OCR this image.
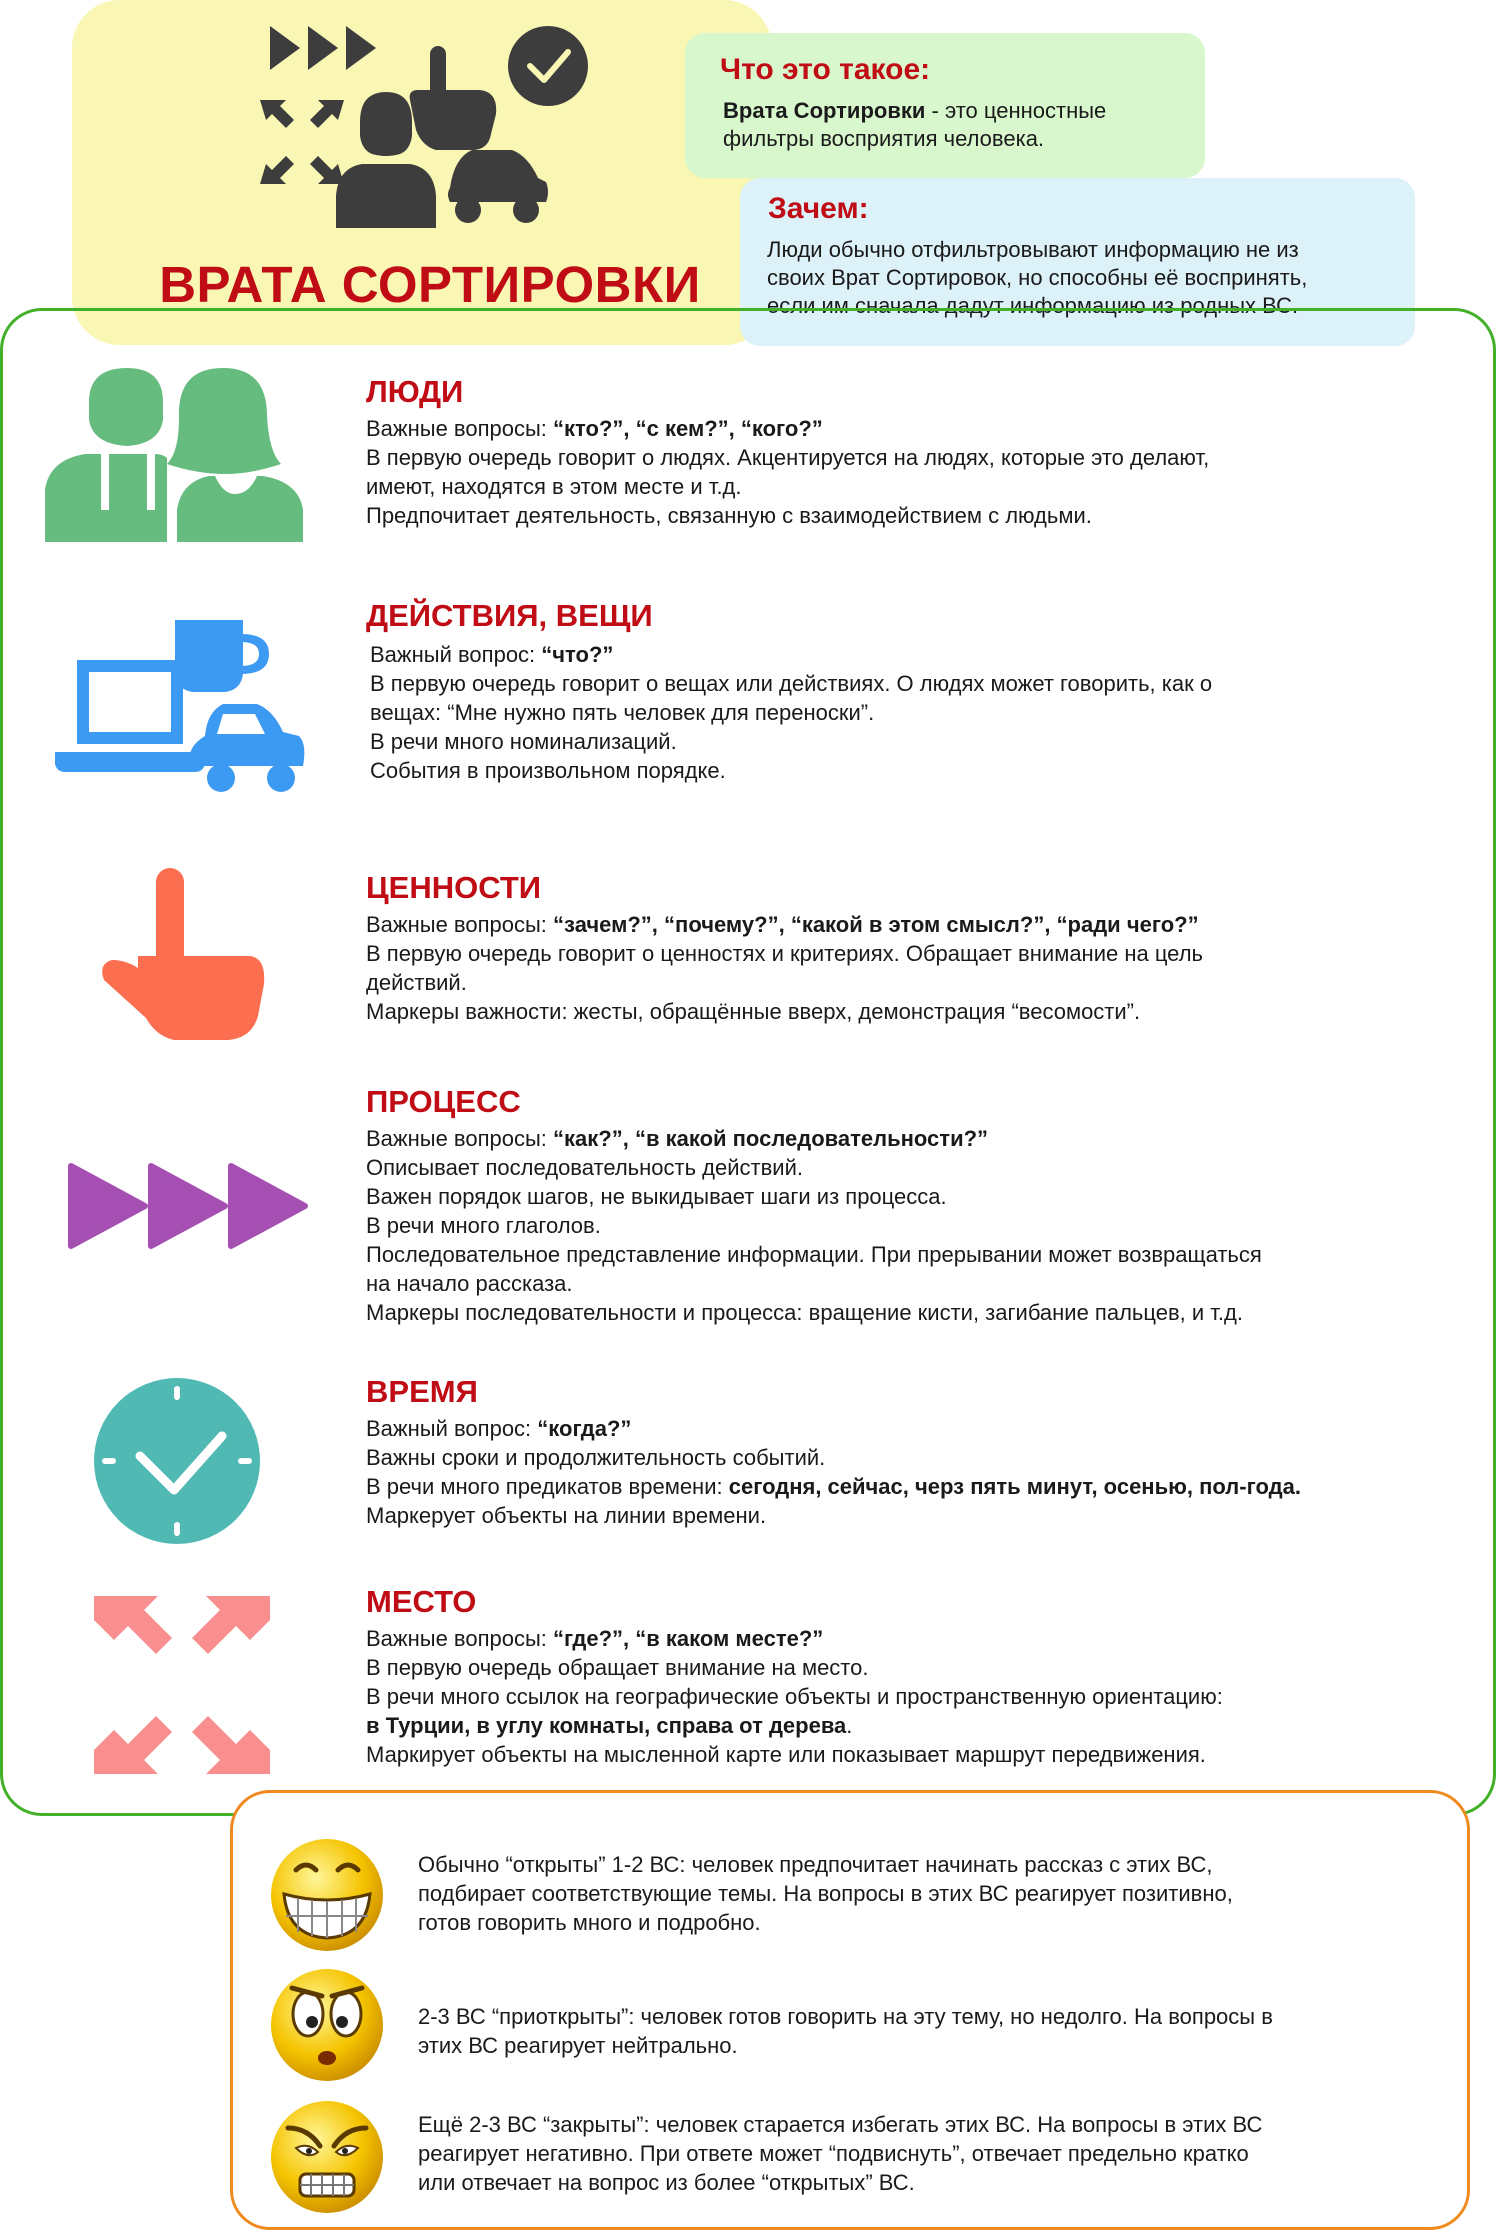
ВРАТА СОРТИРОВКИ
Что это такое:
Врата Сортировки - это ценностные
фильтры восприятия человека.
Зачем:
Люди обычно отфильтровывают информацию не из
своих Врат Сортировок, но способны её воспринять,
если им сначала дадут информацию из родных ВС.
ЛЮДИ
Важные вопросы: “кто?”, “с кем?”, “кого?”
В первую очередь говорит о людях. Акцентируется на людях, которые это делают,
имеют, находятся в этом месте и т.д.
Предпочитает деятельность, связанную с взаимодействием с людьми.
ДЕЙСТВИЯ, ВЕЩИ
Важный вопрос: “что?”
В первую очередь говорит о вещах или действиях. О людях может говорить, как о
вещах: “Мне нужно пять человек для переноски”.
В речи много номинализаций.
События в произвольном порядке.
ЦЕННОСТИ
Важные вопросы: “зачем?”, “почему?”, “какой в этом смысл?”, “ради чего?”
В первую очередь говорит о ценностях и критериях. Обращает внимание на цель
действий.
Маркеры важности: жесты, обращённые вверх, демонстрация “весомости”.
ПРОЦЕСС
Важные вопросы: “как?”, “в какой последовательности?”
Описывает последовательность действий.
Важен порядок шагов, не выкидывает шаги из процесса.
В речи много глаголов.
Последовательное представление информации. При прерывании может возвращаться
на начало рассказа.
Маркеры последовательности и процесса: вращение кисти, загибание пальцев, и т.д.
ВРЕМЯ
Важный вопрос: “когда?”
Важны сроки и продолжительность событий.
В речи много предикатов времени: сегодня, сейчас, черз пять минут, осенью, пол-года.
Маркерует объекты на линии времени.
МЕСТО
Важные вопросы: “где?”, “в каком месте?”
В первую очередь обращает внимание на место.
В речи много ссылок на географические объекты и пространственную ориентацию:
в Турции, в углу комнаты, справа от дерева.
Маркирует объекты на мысленной карте или показывает маршрут передвижения.
Обычно “открыты” 1-2 ВС: человек предпочитает начинать рассказ с этих ВС,
подбирает соответствующие темы. На вопросы в этих ВС реагирует позитивно,
готов говорить много и подробно.
2-3 ВС “приоткрыты”: человек готов говорить на эту тему, но недолго. На вопросы в
этих ВС реагирует нейтрально.
Ещё 2-3 ВС “закрыты”: человек старается избегать этих ВС. На вопросы в этих ВС
реагирует негативно. При ответе может “подвиснуть”, отвечает предельно кратко
или отвечает на вопрос из более “открытых” ВС.
